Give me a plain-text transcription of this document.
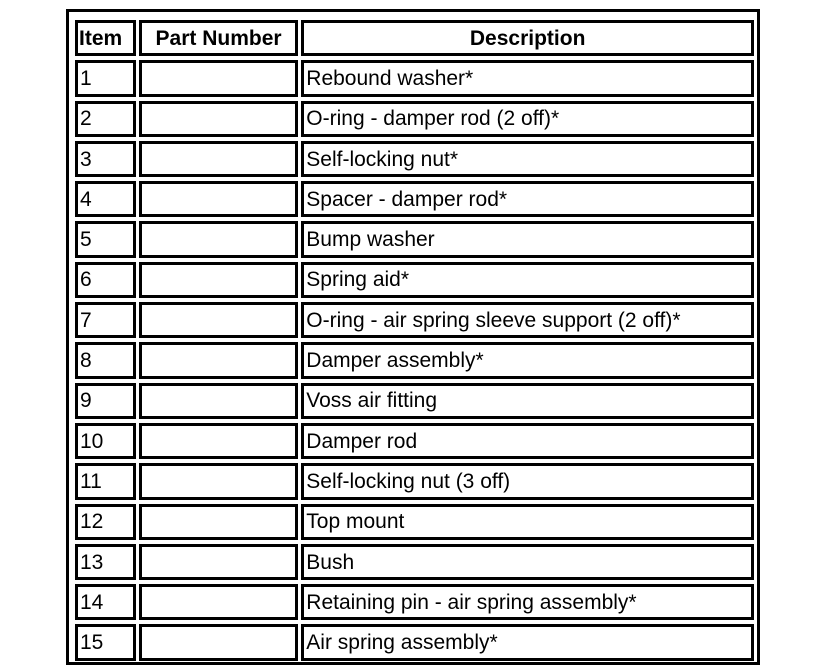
Item	Part Number	Description
1		Rebound washer*
2		O-ring - damper rod (2 off)*
3		Self-locking nut*
4		Spacer - damper rod*
5		Bump washer
6		Spring aid*
7		O-ring - air spring sleeve support (2 off)*
8		Damper assembly*
9		Voss air fitting
10		Damper rod
11		Self-locking nut (3 off)
12		Top mount
13		Bush
14		Retaining pin - air spring assembly*
15		Air spring assembly*
